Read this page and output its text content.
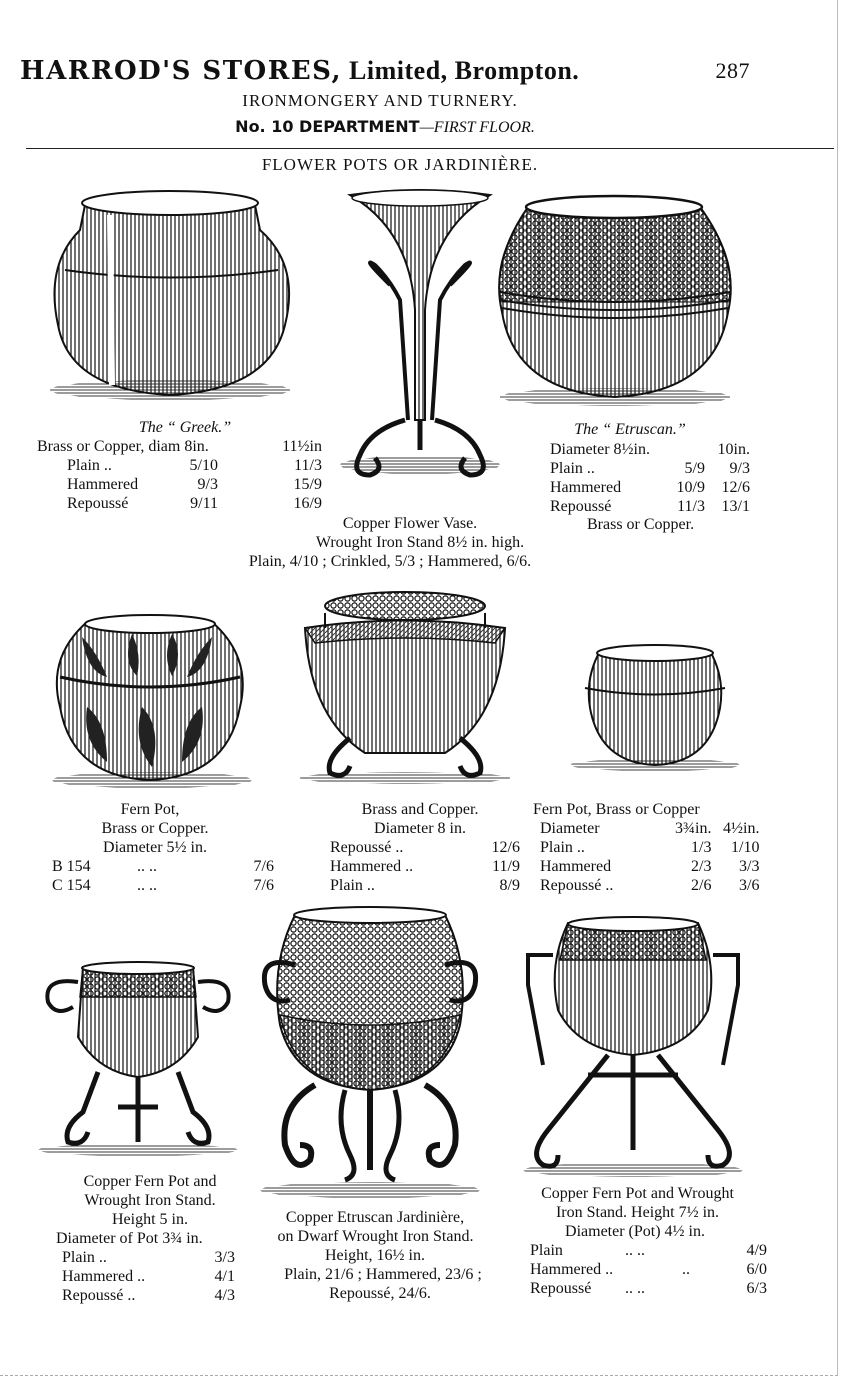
HARROD'S STORES, Limited, Brompton.	287
IRONMONGERY AND TURNERY.
No. 10 DEPARTMENT—FIRST FLOOR.
FLOWER POTS OR JARDINIÈRE.
The “ Greek.”
Brass or Copper, diam 8in.		11½in
Plain ..	5/10	11/3
Hammered	9/3	15/9
Repoussé	9/11	16/9
The “ Etruscan.”
Diameter 8½in.		10in.
Plain ..	5/9	9/3
Hammered	10/9	12/6
Repoussé	11/3	13/1
Brass or Copper.
Copper Flower Vase.
Wrought Iron Stand 8½ in. high.
Plain, 4/10 ; Crinkled, 5/3 ; Hammered, 6/6.
Fern Pot,
Brass or Copper.
Diameter 5½ in.
B 154	.. ..	7/6
C 154	.. ..	7/6
Brass and Copper.
Diameter 8 in.
Repoussé ..	12/6
Hammered ..	11/9
Plain ..	8/9
Fern Pot, Brass or Copper
Diameter	3¾in.	4½in.
Plain ..	1/3	1/10
Hammered	2/3	3/3
Repoussé ..	2/6	3/6
Copper Fern Pot and
Wrought Iron Stand.
Height 5 in.
Diameter of Pot 3¾ in.
Plain ..	3/3
Hammered ..	4/1
Repoussé ..	4/3
Copper Etruscan Jardinière,
on Dwarf Wrought Iron Stand.
Height, 16½ in.
Plain, 21/6 ; Hammered, 23/6 ;
Repoussé, 24/6.
Copper Fern Pot and Wrought
Iron Stand. Height 7½ in.
Diameter (Pot) 4½ in.
Plain	.. ..	4/9
Hammered ..	..	6/0
Repoussé	.. ..	6/3
